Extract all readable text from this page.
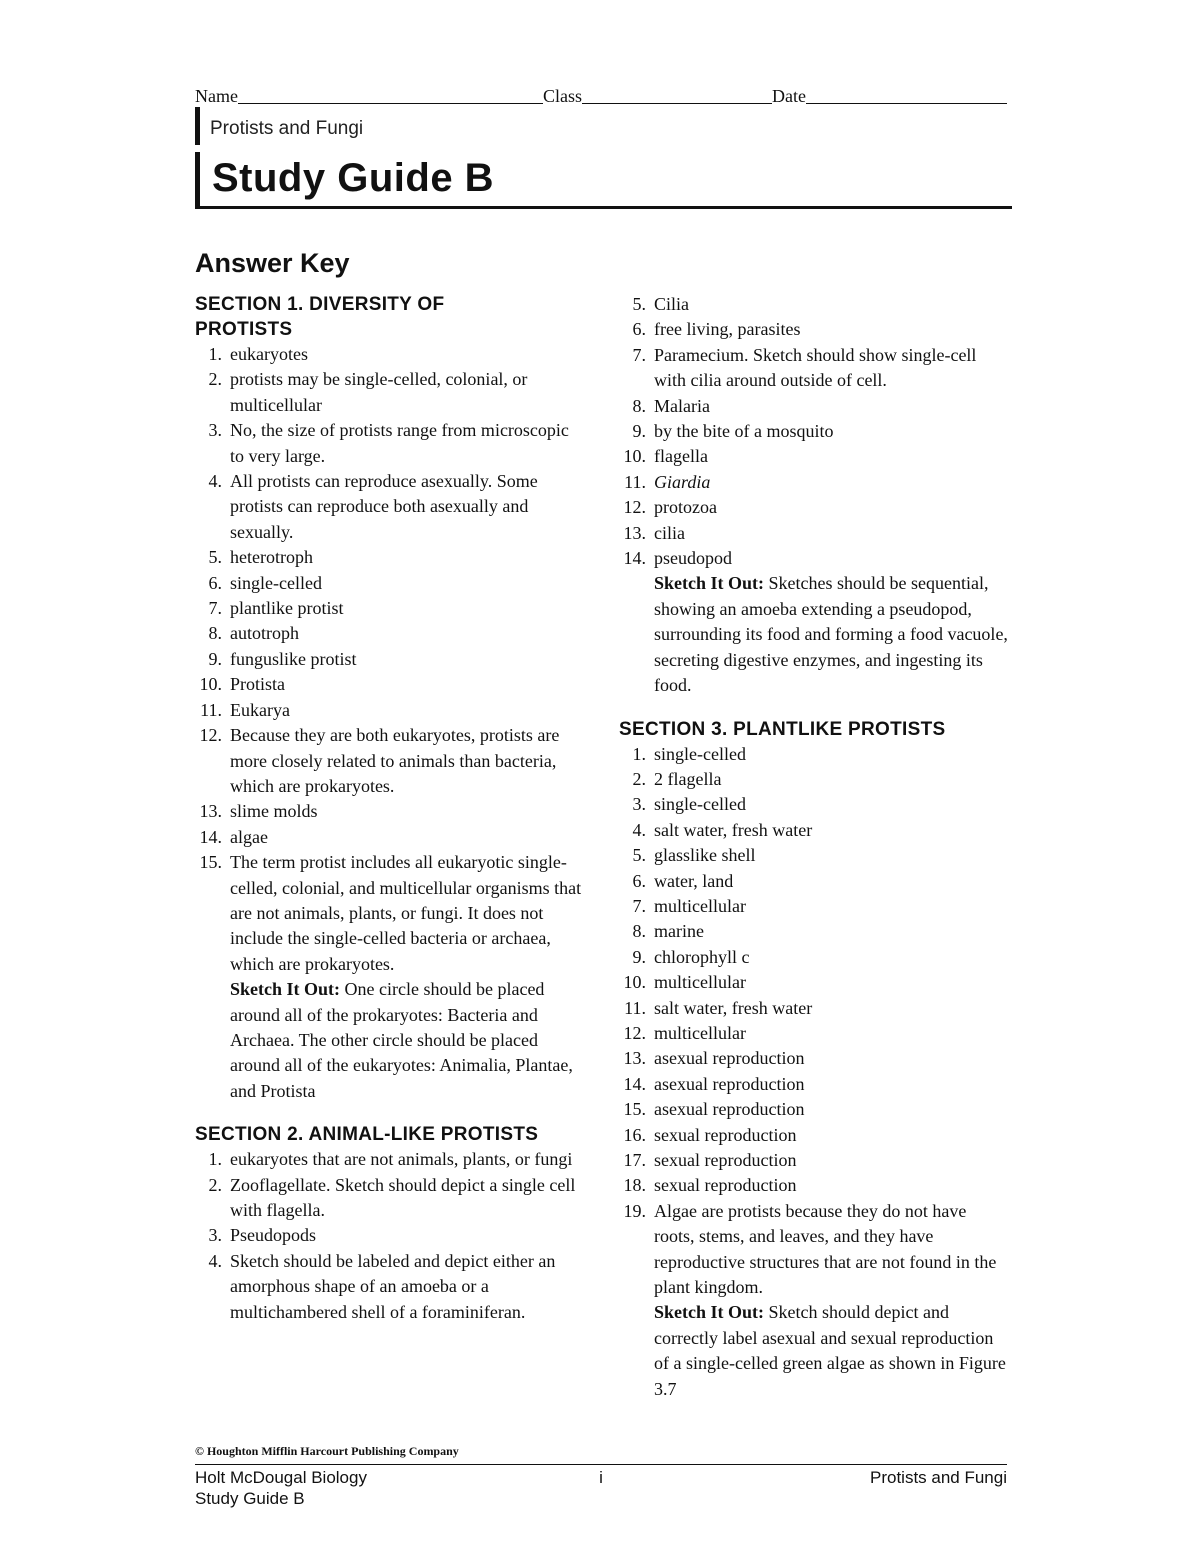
Name	Class	Date
Protists and Fungi
Study Guide B
Answer Key
SECTION 1. DIVERSITY OF
PROTISTS
1. eukaryotes
2. protists may be single-celled, colonial, or multicellular
3. No, the size of protists range from microscopic to very large.
4. All protists can reproduce asexually. Some protists can reproduce both asexually and sexually.
5. heterotroph
6. single-celled
7. plantlike protist
8. autotroph
9. funguslike protist
10. Protista
11. Eukarya
12. Because they are both eukaryotes, protists are more closely related to animals than bacteria, which are prokaryotes.
13. slime molds
14. algae
15. The term protist includes all eukaryotic single-celled, colonial, and multicellular organisms that are not animals, plants, or fungi. It does not include the single-celled bacteria or archaea, which are prokaryotes.
Sketch It Out: One circle should be placed around all of the prokaryotes: Bacteria and Archaea. The other circle should be placed around all of the eukaryotes: Animalia, Plantae, and Protista
SECTION 2. ANIMAL-LIKE PROTISTS
1. eukaryotes that are not animals, plants, or fungi
2. Zooflagellate. Sketch should depict a single cell with flagella.
3. Pseudopods
4. Sketch should be labeled and depict either an amorphous shape of an amoeba or a multichambered shell of a foraminiferan.
5. Cilia
6. free living, parasites
7. Paramecium. Sketch should show single-cell with cilia around outside of cell.
8. Malaria
9. by the bite of a mosquito
10. flagella
11. Giardia
12. protozoa
13. cilia
14. pseudopod
Sketch It Out: Sketches should be sequential, showing an amoeba extending a pseudopod, surrounding its food and forming a food vacuole, secreting digestive enzymes, and ingesting its food.
SECTION 3. PLANTLIKE PROTISTS
1. single-celled
2. 2 flagella
3. single-celled
4. salt water, fresh water
5. glasslike shell
6. water, land
7. multicellular
8. marine
9. chlorophyll c
10. multicellular
11. salt water, fresh water
12. multicellular
13. asexual reproduction
14. asexual reproduction
15. asexual reproduction
16. sexual reproduction
17. sexual reproduction
18. sexual reproduction
19. Algae are protists because they do not have roots, stems, and leaves, and they have reproductive structures that are not found in the plant kingdom.
Sketch It Out: Sketch should depict and correctly label asexual and sexual reproduction of a single-celled green algae as shown in Figure 3.7
© Houghton Mifflin Harcourt Publishing Company
Holt McDougal Biology
Study Guide B
i	Protists and Fungi
